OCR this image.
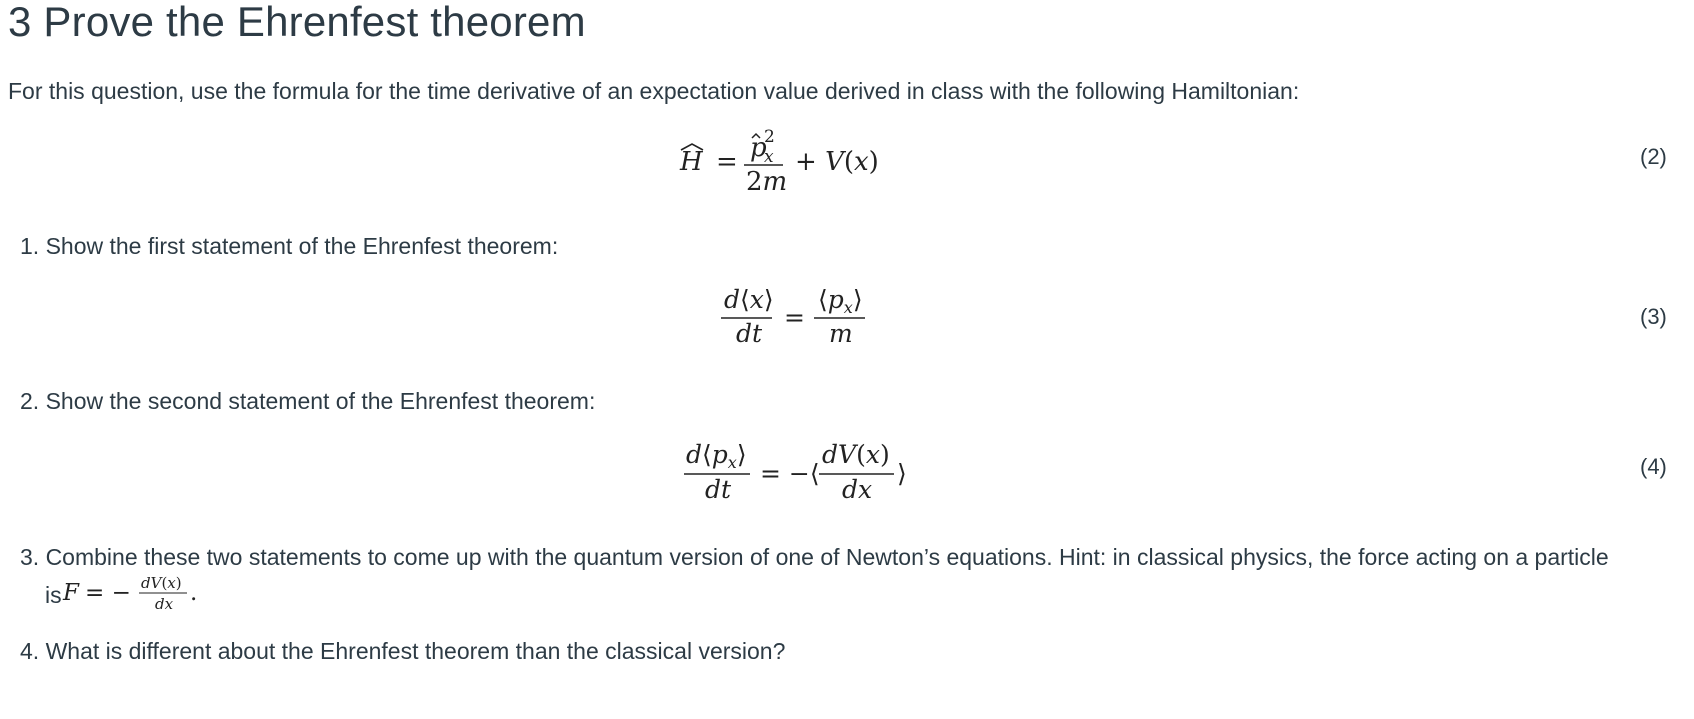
3 Prove the Ehrenfest theorem

For this question, use the formula for the time derivative of an expectation value derived in class with the following Hamiltonian:

H = p
2
x
2m
+ V(x)	(2)

1. Show the first statement of the Ehrenfest theorem:

d⟨x⟩
dt
=
$⟨p_x⟩$
m
(3)

2. Show the second statement of the Ehrenfest theorem:

$d⟨p_x⟩$
dt
= −⟨
dV(x)
dx
⟩	(4)

3. Combine these two statements to come up with the quantum version of one of Newton’s equations. Hint: in classical physics, the force acting on a particle

is F = − dV(x)
dx .

4. What is different about the Ehrenfest theorem than the classical version?
